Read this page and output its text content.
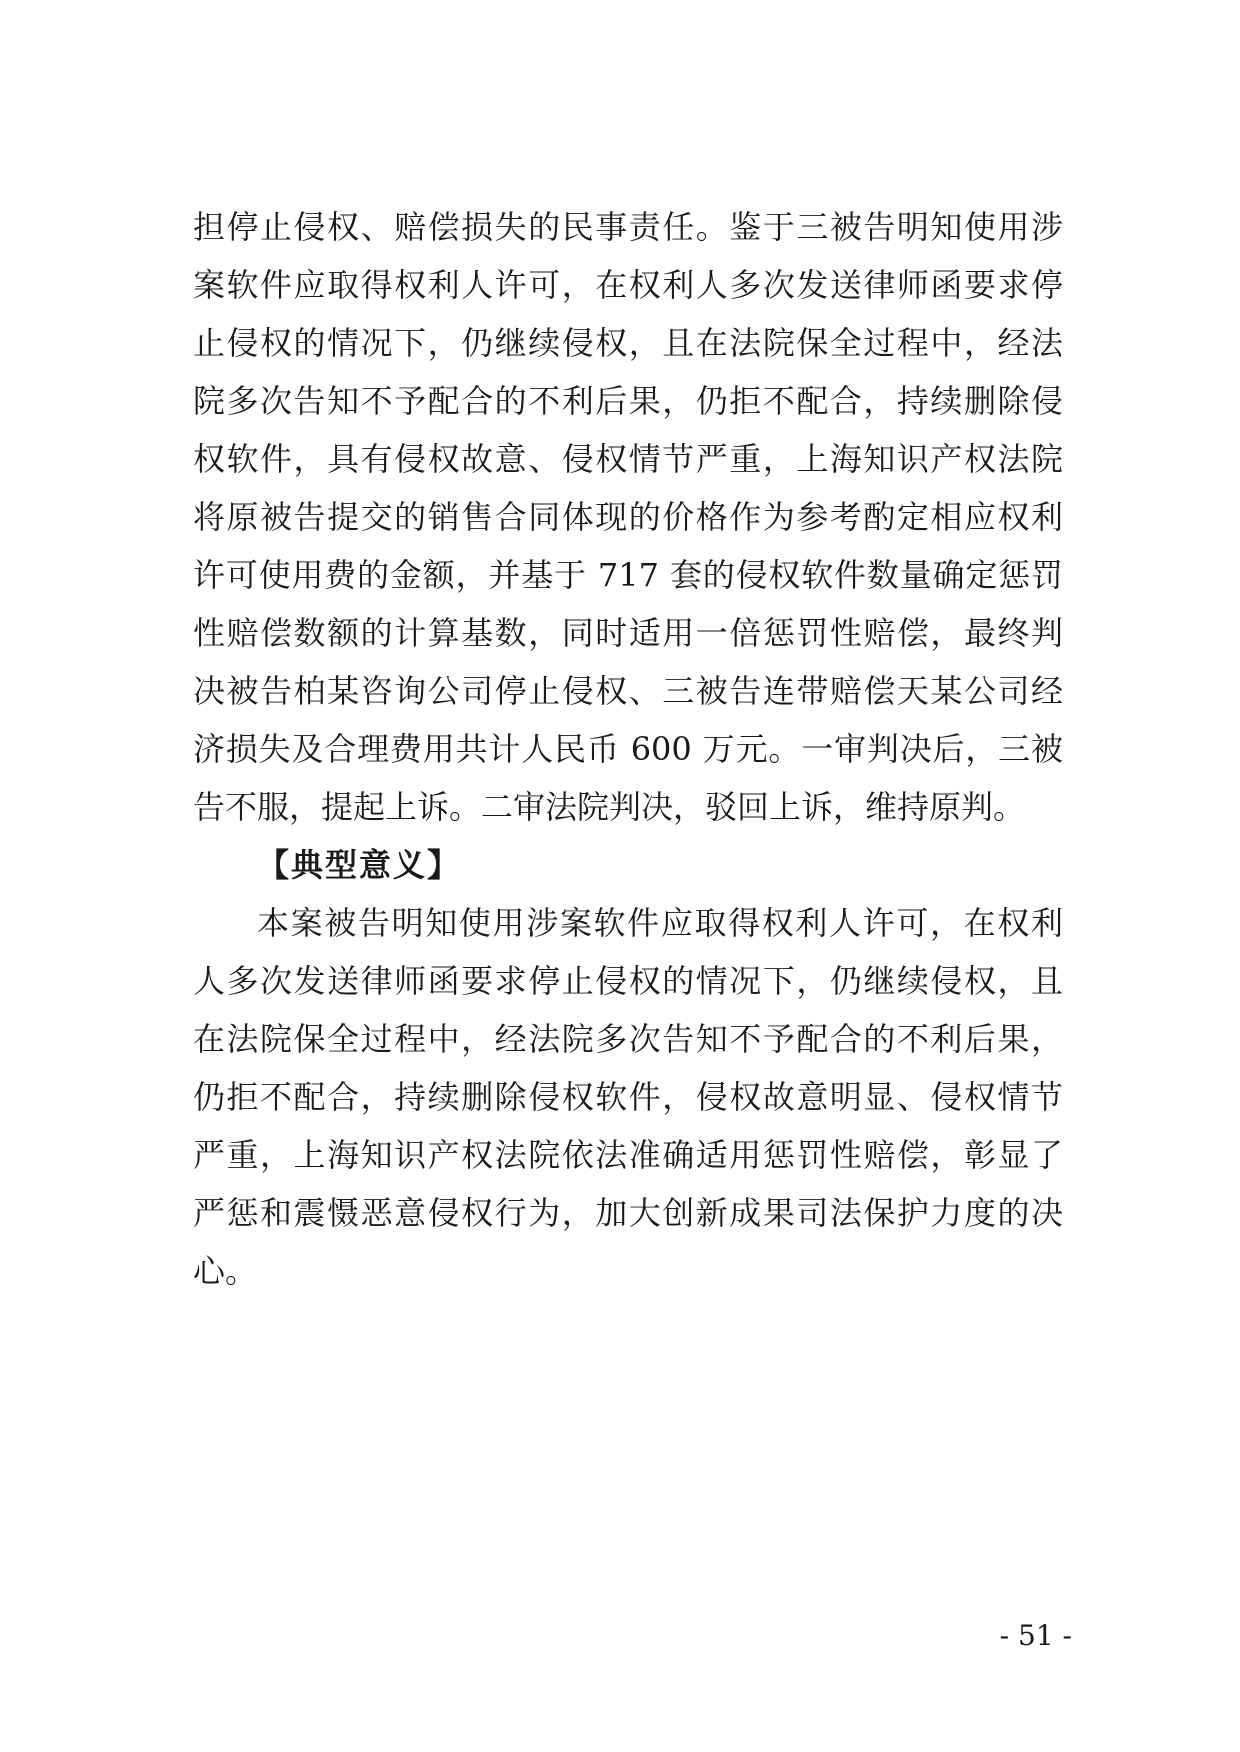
担停止侵权、赔偿损失的民事责任。鉴于三被告明知使用涉
案软件应取得权利人许可，在权利人多次发送律师函要求停
止侵权的情况下，仍继续侵权，且在法院保全过程中，经法
院多次告知不予配合的不利后果，仍拒不配合，持续删除侵
权软件，具有侵权故意、侵权情节严重，上海知识产权法院
将原被告提交的销售合同体现的价格作为参考酌定相应权利
许可使用费的金额，并基于 717 套的侵权软件数量确定惩罚
性赔偿数额的计算基数，同时适用一倍惩罚性赔偿，最终判
决被告柏某咨询公司停止侵权、三被告连带赔偿天某公司经
济损失及合理费用共计人民币 600 万元。一审判决后，三被
告不服，提起上诉。二审法院判决，驳回上诉，维持原判。
【典型意义】
本案被告明知使用涉案软件应取得权利人许可，在权利
人多次发送律师函要求停止侵权的情况下，仍继续侵权，且
在法院保全过程中，经法院多次告知不予配合的不利后果，
仍拒不配合，持续删除侵权软件，侵权故意明显、侵权情节
严重，上海知识产权法院依法准确适用惩罚性赔偿，彰显了
严惩和震慑恶意侵权行为，加大创新成果司法保护力度的决
心。
- 51 -
